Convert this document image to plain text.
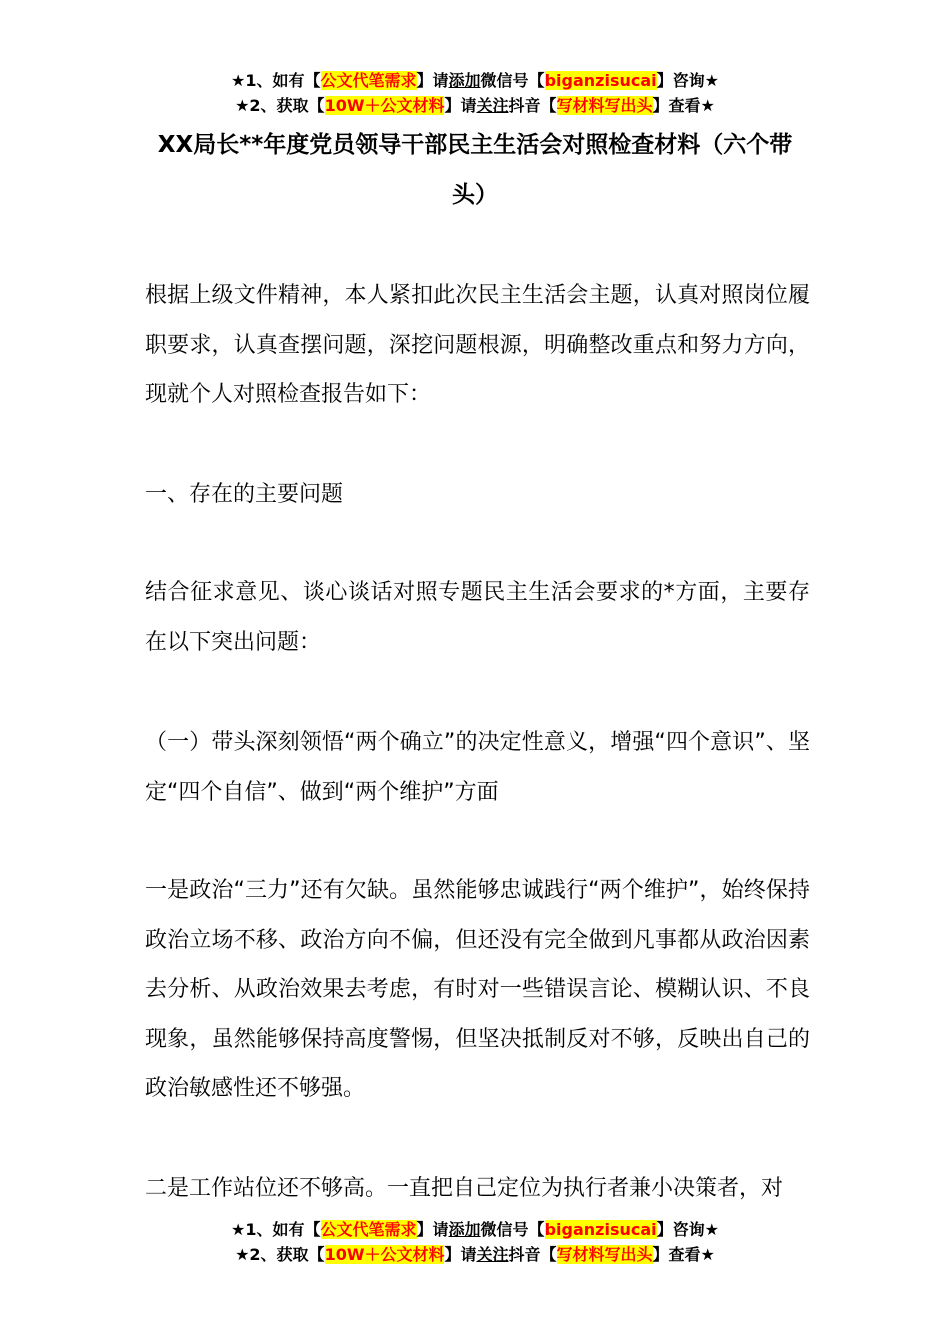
★1、如有【公文代笔需求】请添加微信号【biganzisucai】咨询★
★2、获取【10W＋公文材料】请关注抖音【写材料写出头】查看★
XX局长**年度党员领导干部民主生活会对照检查材料（六个带头）

根据上级文件精神，本人紧扣此次民主生活会主题，认真对照岗位履职要求，认真查摆问题，深挖问题根源，明确整改重点和努力方向，现就个人对照检查报告如下：

一、存在的主要问题

结合征求意见、谈心谈话对照专题民主生活会要求的*方面，主要存在以下突出问题：

（一）带头深刻领悟“两个确立”的决定性意义，增强“四个意识”、坚定“四个自信”、做到“两个维护”方面

一是政治“三力”还有欠缺。虽然能够忠诚践行“两个维护”，始终保持政治立场不移、政治方向不偏，但还没有完全做到凡事都从政治因素去分析、从政治效果去考虑，有时对一些错误言论、模糊认识、不良现象，虽然能够保持高度警惕，但坚决抵制反对不够，反映出自己的政治敏感性还不够强。

二是工作站位还不够高。一直把自己定位为执行者兼小决策者，对

★1、如有【公文代笔需求】请添加微信号【biganzisucai】咨询★
★2、获取【10W＋公文材料】请关注抖音【写材料写出头】查看★
